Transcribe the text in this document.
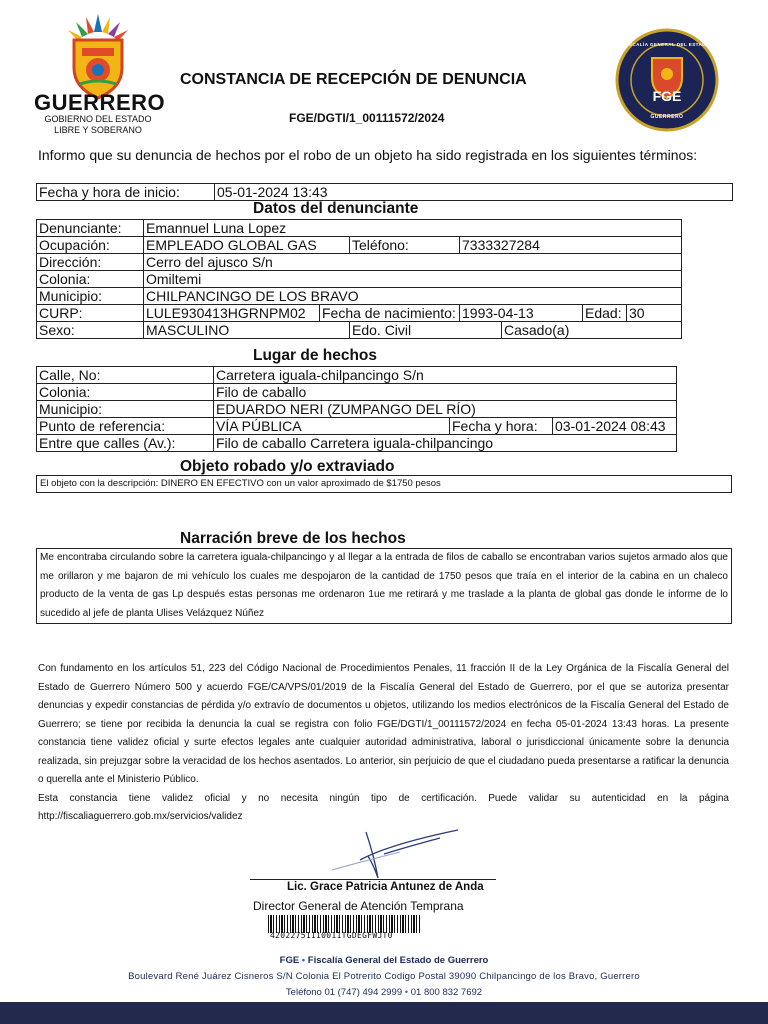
GUERRERO
GOBIERNO DEL ESTADO
LIBRE Y SOBERANO
CONSTANCIA DE RECEPCIÓN DE DENUNCIA
FGE/DGTI/1_00111572/2024
FGE
FISCALÍA GENERAL DEL ESTADO
GUERRERO
Informo que su denuncia de hechos por el robo de un objeto ha sido registrada en los siguientes términos:
Fecha y hora de inicio:	05-01-2024 13:43
Datos del denunciante
Denunciante:	Emannuel Luna Lopez						
Ocupación:	EMPLEADO GLOBAL GAS		Teléfono:	7333327284			
Dirección:	Cerro del ajusco S/n						
Colonia:	Omiltemi						
Municipio:	CHILPANCINGO DE LOS BRAVO						
CURP:	LULE930413HGRNPM02	Fecha de nacimiento:		1993-04-13		Edad:	30
Sexo:	MASCULINO		Edo. Civil		Casado(a)		
Lugar de hechos
Calle, No:	Carretera iguala-chilpancingo S/n		
Colonia:	Filo de caballo		
Municipio:	EDUARDO NERI (ZUMPANGO DEL RÍO)		
Punto de referencia:	VÍA PÚBLICA	Fecha y hora:	03-01-2024 08:43
Entre que calles (Av.):	Filo de caballo Carretera iguala-chilpancingo		
Objeto robado y/o extraviado
El objeto con la descripción: DINERO EN EFECTIVO con un valor aproximado de $1750 pesos
Narración breve de los hechos
Me encontraba circulando sobre la carretera iguala-chilpancingo y al llegar a la entrada de filos de caballo se encontraban varios sujetos armado alos que me orillaron y me bajaron de mi vehículo los cuales me despojaron de la cantidad de 1750 pesos que traía en el interior de la cabina en un chaleco producto de la venta de gas Lp después estas personas me ordenaron 1ue me retirará y me traslade a la planta de global gas donde le informe de lo sucedido al jefe de planta Ulises Velázquez Núñez

Con fundamento en los artículos 51, 223 del Código Nacional de Procedimientos Penales, 11 fracción II de la Ley Orgánica de la Fiscalía General del Estado de Guerrero Número 500 y acuerdo FGE/CA/VPS/01/2019 de la Fiscalía General del Estado de Guerrero, por el que se autoriza presentar denuncias y expedir constancias de pérdida y/o extravío de documentos u objetos, utilizando los medios electrónicos de la Fiscalía General del Estado de Guerrero; se tiene por recibida la denuncia la cual se registra con folio FGE/DGTI/1_00111572/2024 en fecha 05-01-2024 13:43 horas. La presente constancia tiene validez oficial y surte efectos legales ante cualquier autoridad administrativa, laboral o jurisdiccional únicamente sobre la denuncia realizada, sin prejuzgar sobre la veracidad de los hechos asentados. Lo anterior, sin perjuicio de que el ciudadano pueda presentarse a ratificar la denuncia o querella ante el Ministerio Público.

Esta constancia tiene validez oficial y no necesita ningún tipo de certificación. Puede validar su autenticidad en la página http://fiscaliaguerrero.gob.mx/servicios/validez

Lic. Grace Patricia Antunez de Anda
Director General de Atención Temprana
42022751110011TGDEGFWJT0
FGE • Fiscalía General del Estado de Guerrero
Boulevard René Juárez Cisneros S/N Colonia El Potrerito Codigo Postal 39090 Chilpancingo de los Bravo, Guerrero
Teléfono 01 (747) 494 2999 • 01 800 832 7692
